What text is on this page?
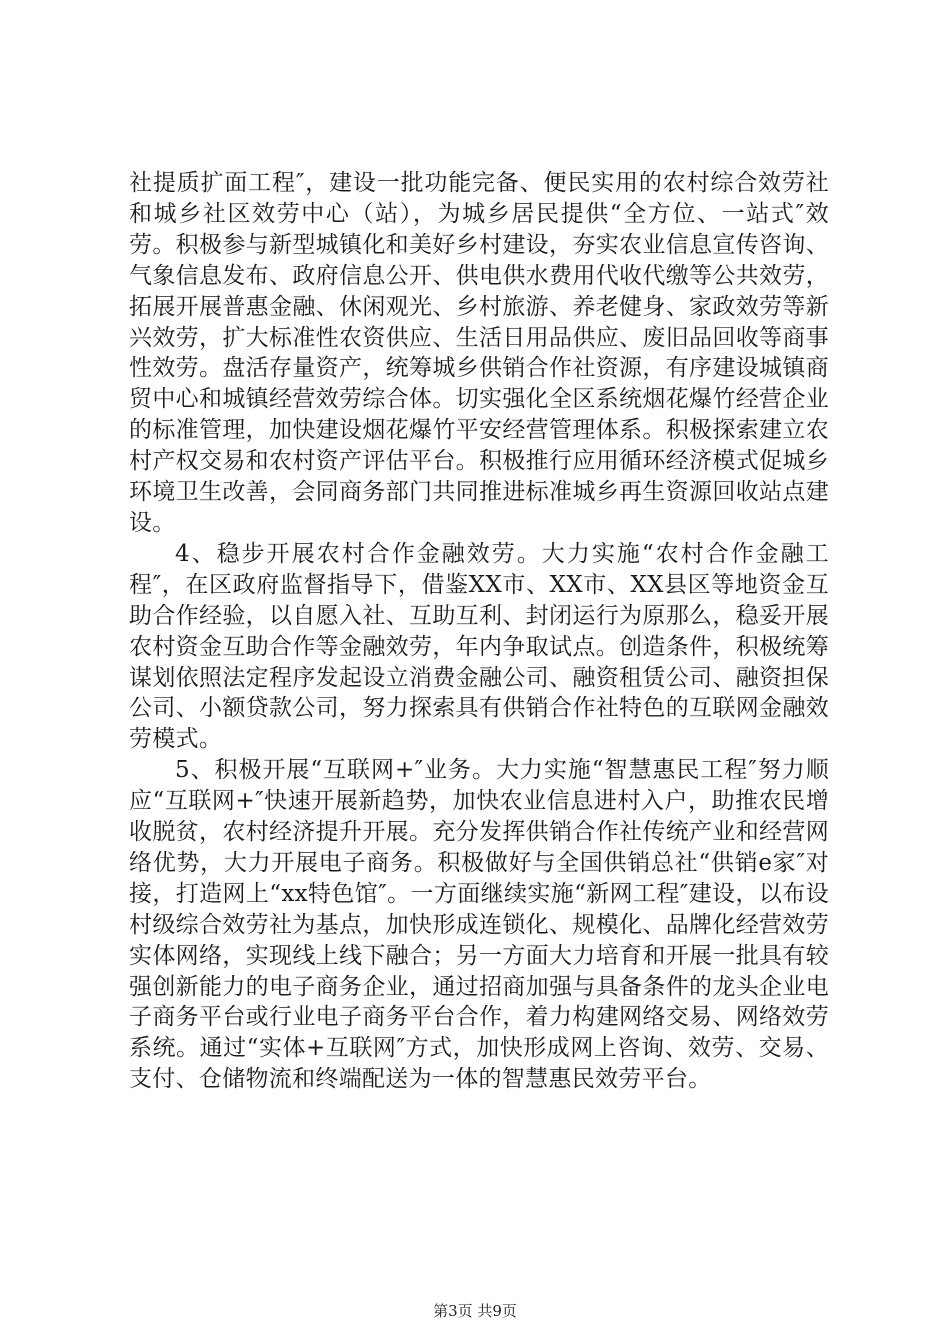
社提质扩面工程″，建设一批功能完备、便民实用的农村综合效劳社和城乡社区效劳中心（站），为城乡居民提供“全方位、一站式″效劳。积极参与新型城镇化和美好乡村建设，夯实农业信息宣传咨询、气象信息发布、政府信息公开、供电供水费用代收代缴等公共效劳，拓展开展普惠金融、休闲观光、乡村旅游、养老健身、家政效劳等新兴效劳，扩大标准性农资供应、生活日用品供应、废旧品回收等商事性效劳。盘活存量资产，统筹城乡供销合作社资源，有序建设城镇商贸中心和城镇经营效劳综合体。切实强化全区系统烟花爆竹经营企业的标准管理，加快建设烟花爆竹平安经营管理体系。积极探索建立农村产权交易和农村资产评估平台。积极推行应用循环经济模式促城乡环境卫生改善，会同商务部门共同推进标准城乡再生资源回收站点建设。

4、稳步开展农村合作金融效劳。大力实施“农村合作金融工程″，在区政府监督指导下，借鉴XX市、XX市、XX县区等地资金互助合作经验，以自愿入社、互助互利、封闭运行为原那么，稳妥开展农村资金互助合作等金融效劳，年内争取试点。创造条件，积极统筹谋划依照法定程序发起设立消费金融公司、融资租赁公司、融资担保公司、小额贷款公司，努力探索具有供销合作社特色的互联网金融效劳模式。

5、积极开展“互联网+″业务。大力实施“智慧惠民工程″努力顺应“互联网+″快速开展新趋势，加快农业信息进村入户，助推农民增收脱贫，农村经济提升开展。充分发挥供销合作社传统产业和经营网络优势，大力开展电子商务。积极做好与全国供销总社“供销e家″对接，打造网上“xx特色馆″。一方面继续实施“新网工程″建设，以布设村级综合效劳社为基点，加快形成连锁化、规模化、品牌化经营效劳实体网络，实现线上线下融合；另一方面大力培育和开展一批具有较强创新能力的电子商务企业，通过招商加强与具备条件的龙头企业电子商务平台或行业电子商务平台合作，着力构建网络交易、网络效劳系统。通过“实体+互联网″方式，加快形成网上咨询、效劳、交易、支付、仓储物流和终端配送为一体的智慧惠民效劳平台。

第3页 共9页
